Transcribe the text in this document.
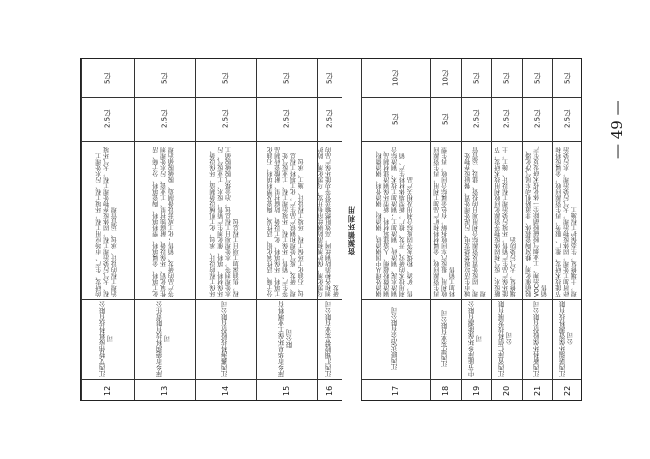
— 49 —
12
江西艾特伟废料科技有限公司
的研发、生产、市场应用工程，环境工程、污水处理工程、大气污染治理工程，固体废弃物处理工程，大气环境治理工程的设计、承包、运营管理
2.5亿
5亿
13
萍乡市德润科技有限责任公司
化工填料、金属填料、塑料填料、陶瓷填料、分子筛、活性氧化铝、环保设备、耐腐蚀衬里、工业瓷、污水处理剂等产品的研发、销售；化工成套设备制造、脱硫脱硝治理
2.5亿
5亿
14
江西鑫海科技股份有限公司
环保工程的设计、承包，化工机械设备制造，环保设备、环保材料、填料、催化剂生产销售，废水、工业废气、污水处理剂等，水处理项目工程总包，冶金煤气脱硫脱硝工程，焦油深加工项目工程总包
2.5亿
5亿
15
萍乡市华星环保工业填料有限公司
分子筛、活性氧化铝、活性炭、陶瓷及塑料填料、石油化工填料、环保填料、化工设备、防腐衬里、耐酸瓷砖制品等生产、销售，环保工程、环境治理工程、工业废气处理、研发、废气处理和钢铁产品生产，化工填料工程总包、石油化工环保工程、环境工程设计、施工、承包
2.5亿
5亿
16
江西汇翔胶带实业有限公司
乌黑化剂，保护剂和消防钢丝帘布开发，乌黑化剂，防护剂和各种消防钢丝网，高效阻燃输送带等功能环保产品的研发
2.5亿
5亿
17
江西联达冶金有限公司
钢渣处理从中国钢渣铁、钢渣粉、钢渣骨料、钢渣微粉、钢渣微粉超细、人造建筑材料、新型环保钢渣建材制品、钢渣水泥、钢渣砖、钢渣加工；钢渣加工技术、钢渣综合利用技术的研究、开发、推广，新型墙体材料生产、销售，矿渣、粉煤灰等固废综合利用及相关产品
5亿
10亿
18
江西萍实业有限公司
再生资源回收、金属材料和矿产品加工利用，再生资源回收利用、报废汽车回收拆解，有色金属综合回收，再生塑料加工销售
5亿
10亿
19
中节能萍乡环保能源有限公司
城市生活垃圾焚烧发电、污泥处理处置、餐厨废弃物处理、固废处置及资源综合利用项目的投资、建设、运营管理
2.5亿
5亿
20
江西省萍仁信科技发展有限公司
糖废水、废气和固体废物等资源化回收利用技术研发，节能环保产品生产销售，环境污染治理工程设计、施工，土壤修复，大气污染防治
2.5亿
5亿
21
江西新科环保股份有限公司
脱硝催化剂、蜂窝陶瓷载体、非道路机动车尾气净化器、VOC治理、工业烟气脱硫脱硝除尘一体化技术研发及生产销售
2.5亿
5亿
22
江西诺瑞环保资源科技有限公司
节能技术研发、推广、服务，再生资源回收，金属废料和碎屑加工处理，固体废物治理，大气污染治理，水污染治理，土壤修复，生态保护工程施工
2.5亿
5亿
资源循环利用
